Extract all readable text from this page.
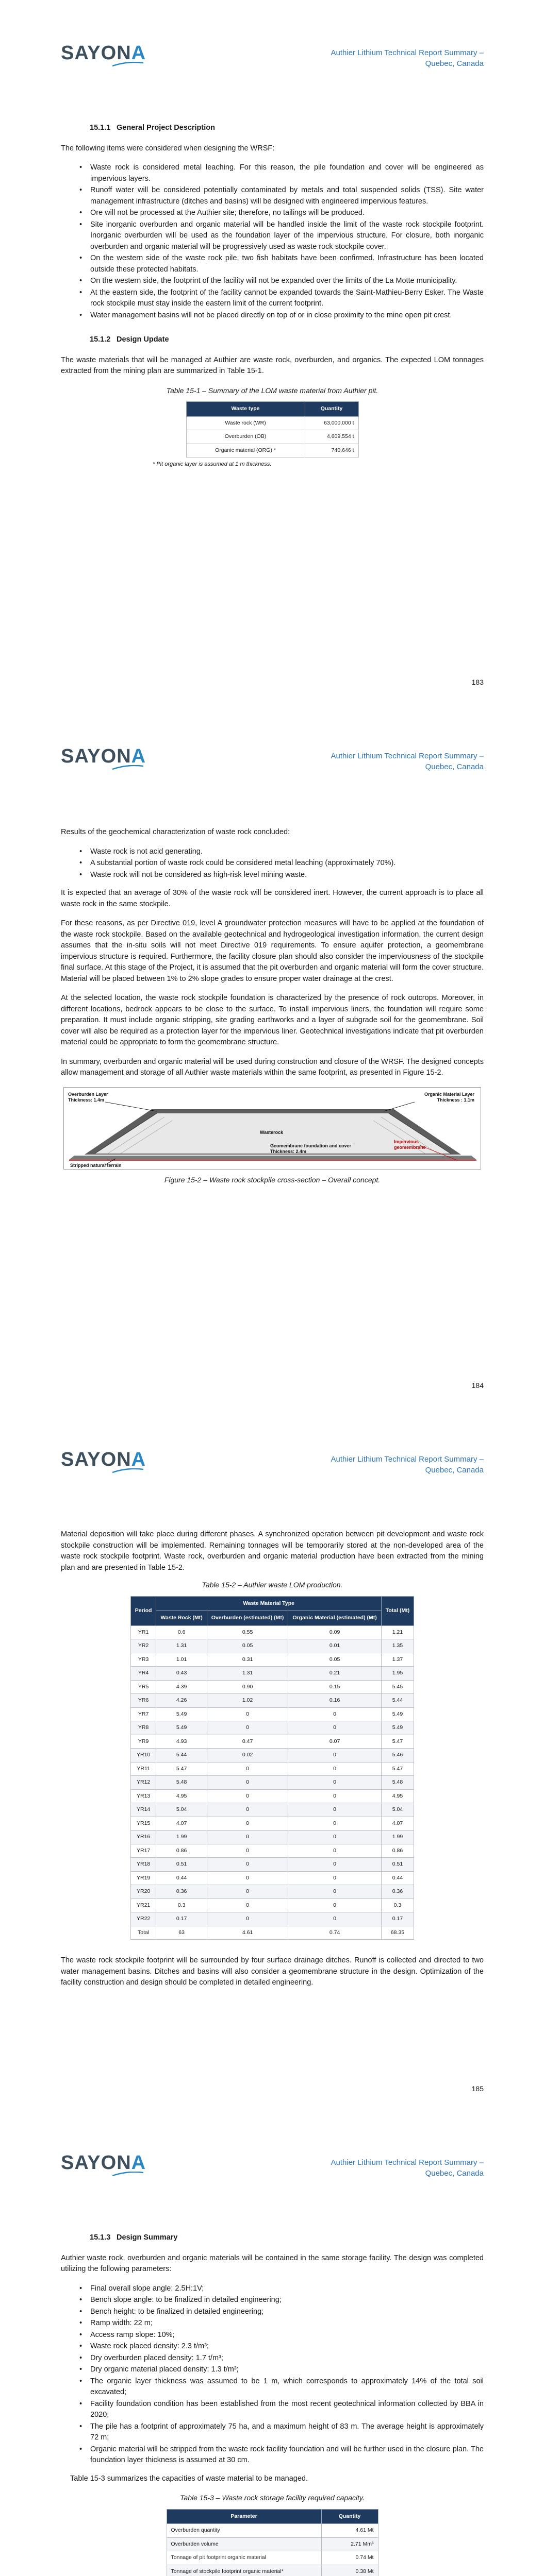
SAYONA	Authier Lithium Technical Report Summary –
Quebec, Canada
15.1.1 General Project Description

The following items were considered when designing the WRSF:

• Waste rock is considered metal leaching. For this reason, the pile foundation and cover will be engineered as impervious layers.
• Runoff water will be considered potentially contaminated by metals and total suspended solids (TSS). Site water management infrastructure (ditches and basins) will be designed with engineered impervious features.
• Ore will not be processed at the Authier site; therefore, no tailings will be produced.
• Site inorganic overburden and organic material will be handled inside the limit of the waste rock stockpile footprint. Inorganic overburden will be used as the foundation layer of the impervious structure. For closure, both inorganic overburden and organic material will be progressively used as waste rock stockpile cover.
• On the western side of the waste rock pile, two fish habitats have been confirmed. Infrastructure has been located outside these protected habitats.
• On the western side, the footprint of the facility will not be expanded over the limits of the La Motte municipality.
• At the eastern side, the footprint of the facility cannot be expanded towards the Saint-Mathieu-Berry Esker. The Waste rock stockpile must stay inside the eastern limit of the current footprint.
• Water management basins will not be placed directly on top of or in close proximity to the mine open pit crest.
15.1.2 Design Update

The waste materials that will be managed at Authier are waste rock, overburden, and organics. The expected LOM tonnages extracted from the mining plan are summarized in Table 15-1.

Table 15-1 – Summary of the LOM waste material from Authier pit.
Waste type	Quantity
Waste rock (WR)	63,000,000 t
Overburden (OB)	4,609,554 t
Organic material (ORG) *	740,646 t
* Pit organic layer is assumed at 1 m thickness.
183
SAYONA	Authier Lithium Technical Report Summary –
Quebec, Canada

Results of the geochemical characterization of waste rock concluded:

• Waste rock is not acid generating.
• A substantial portion of waste rock could be considered metal leaching (approximately 70%).
• Waste rock will not be considered as high-risk level mining waste.

It is expected that an average of 30% of the waste rock will be considered inert. However, the current approach is to place all waste rock in the same stockpile.

For these reasons, as per Directive 019, level A groundwater protection measures will have to be applied at the foundation of the waste rock stockpile. Based on the available geotechnical and hydrogeological investigation information, the current design assumes that the in-situ soils will not meet Directive 019 requirements. To ensure aquifer protection, a geomembrane impervious structure is required. Furthermore, the facility closure plan should also consider the imperviousness of the stockpile final surface. At this stage of the Project, it is assumed that the pit overburden and organic material will form the cover structure. Material will be placed between 1% to 2% slope grades to ensure proper water drainage at the crest.

At the selected location, the waste rock stockpile foundation is characterized by the presence of rock outcrops. Moreover, in different locations, bedrock appears to be close to the surface. To install impervious liners, the foundation will require some preparation. It must include organic stripping, site grading earthworks and a layer of subgrade soil for the geomembrane. Soil cover will also be required as a protection layer for the impervious liner. Geotechnical investigations indicate that pit overburden material could be appropriate to form the geomembrane structure.

In summary, overburden and organic material will be used during construction and closure of the WRSF. The designed concepts allow management and storage of all Authier waste materials within the same footprint, as presented in Figure 15-2.

Overburden Layer
Thickness: 1.4m
Organic Material Layer
Thickness : 1.1m
Wasterock
Geomembrane foundation and cover
Thickness: 2.4m
Stripped natural terrain
Impervious
geomembrane
Figure 15-2 – Waste rock stockpile cross-section – Overall concept.
184
SAYONA	Authier Lithium Technical Report Summary –
Quebec, Canada

Material deposition will take place during different phases. A synchronized operation between pit development and waste rock stockpile construction will be implemented. Remaining tonnages will be temporarily stored at the non-developed area of the waste rock stockpile footprint. Waste rock, overburden and organic material production have been extracted from the mining plan and are presented in Table 15-2.

Table 15-2 – Authier waste LOM production.
Period	Waste Material Type			Total (Mt)
	Waste Rock (Mt)	Overburden (estimated) (Mt)	Organic Material (estimated) (Mt)	
YR1	0.6	0.55	0.09	1.21
YR2	1.31	0.05	0.01	1.35
YR3	1.01	0.31	0.05	1.37
YR4	0.43	1.31	0.21	1.95
YR5	4.39	0.90	0.15	5.45
YR6	4.26	1.02	0.16	5.44
YR7	5.49	0	0	5.49
YR8	5.49	0	0	5.49
YR9	4.93	0.47	0.07	5.47
YR10	5.44	0.02	0	5.46
YR11	5.47	0	0	5.47
YR12	5.48	0	0	5.48
YR13	4.95	0	0	4.95
YR14	5.04	0	0	5.04
YR15	4.07	0	0	4.07
YR16	1.99	0	0	1.99
YR17	0.86	0	0	0.86
YR18	0.51	0	0	0.51
YR19	0.44	0	0	0.44
YR20	0.36	0	0	0.36
YR21	0.3	0	0	0.3
YR22	0.17	0	0	0.17
Total	63	4.61	0.74	68.35

The waste rock stockpile footprint will be surrounded by four surface drainage ditches. Runoff is collected and directed to two water management basins. Ditches and basins will also consider a geomembrane structure in the design. Optimization of the facility construction and design should be completed in detailed engineering.

185
SAYONA	Authier Lithium Technical Report Summary –
Quebec, Canada
15.1.3 Design Summary

Authier waste rock, overburden and organic materials will be contained in the same storage facility. The design was completed utilizing the following parameters:

• Final overall slope angle: 2.5H:1V;
• Bench slope angle: to be finalized in detailed engineering;
• Bench height: to be finalized in detailed engineering;
• Ramp width: 22 m;
• Access ramp slope: 10%;
• Waste rock placed density: 2.3 t/m³;
• Dry overburden placed density: 1.7 t/m³;
• Dry organic material placed density: 1.3 t/m³;
• The organic layer thickness was assumed to be 1 m, which corresponds to approximately 14% of the total soil excavated;
• Facility foundation condition has been established from the most recent geotechnical information collected by BBA in 2020;
• The pile has a footprint of approximately 75 ha, and a maximum height of 83 m. The average height is approximately 72 m;
• Organic material will be stripped from the waste rock facility foundation and will be further used in the closure plan. The foundation layer thickness is assumed at 30 cm.

Table 15-3 summarizes the capacities of waste material to be managed.

Table 15-3 – Waste rock storage facility required capacity.
Parameter	Quantity
Overburden quantity	4.61 Mt
Overburden volume	2.71 Mm³
Tonnage of pit footprint organic material	0.74 Mt
Tonnage of stockpile footprint organic material*	0.38 Mt
